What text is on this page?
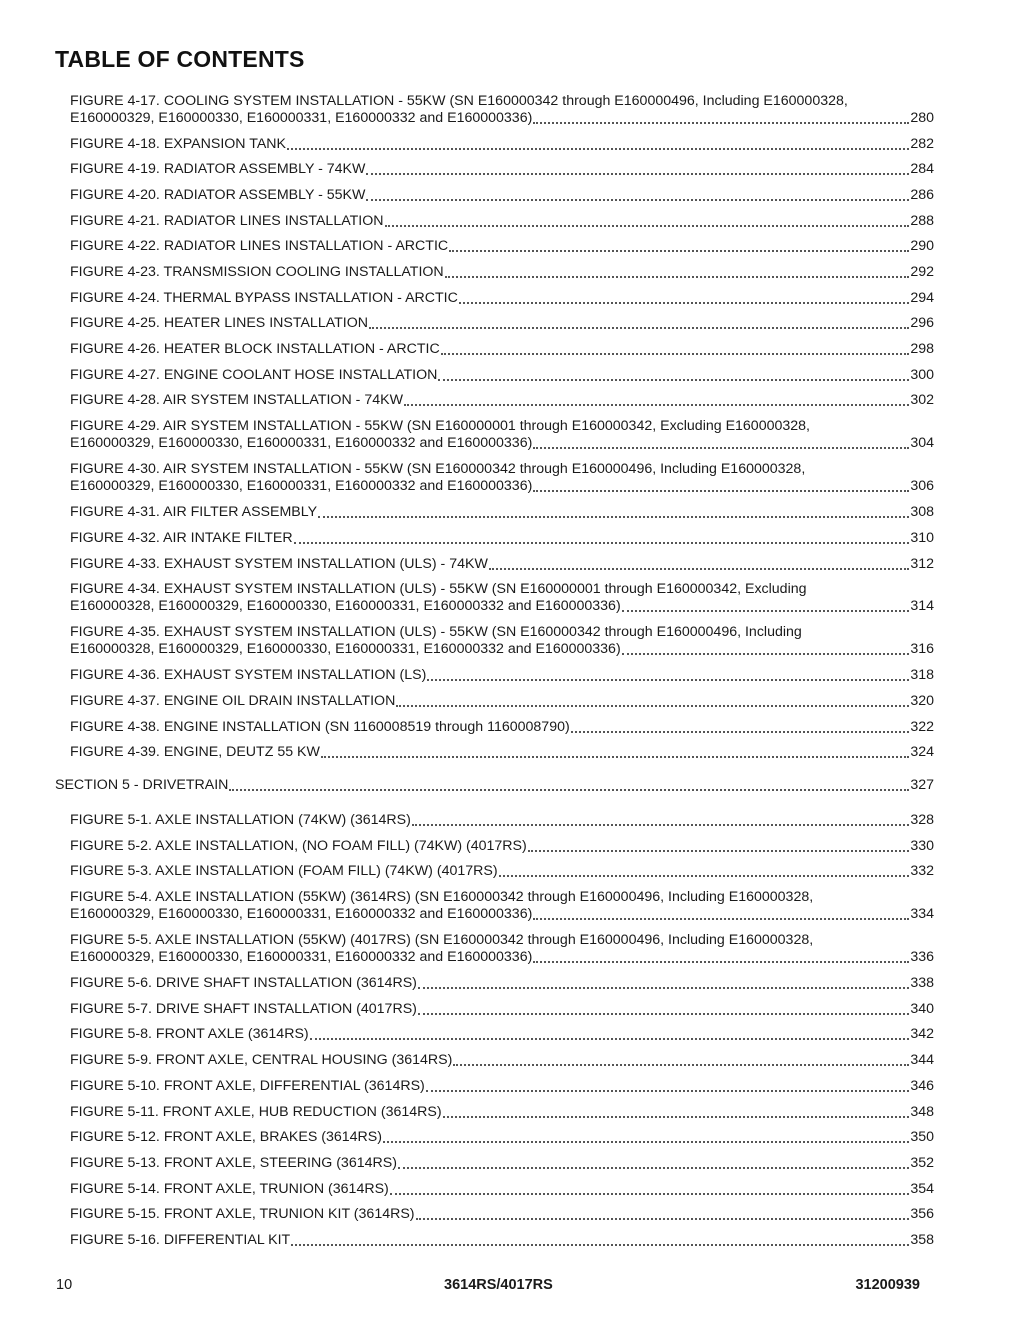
TABLE OF CONTENTS
FIGURE 4-17. COOLING SYSTEM INSTALLATION - 55KW (SN E160000342 through E160000496, Including E160000328,
E160000329, E160000330, E160000331, E160000332 and E160000336)	280
FIGURE 4-18. EXPANSION TANK	282
FIGURE 4-19. RADIATOR ASSEMBLY - 74KW	284
FIGURE 4-20. RADIATOR ASSEMBLY - 55KW	286
FIGURE 4-21. RADIATOR LINES INSTALLATION	288
FIGURE 4-22. RADIATOR LINES INSTALLATION - ARCTIC	290
FIGURE 4-23. TRANSMISSION COOLING INSTALLATION	292
FIGURE 4-24. THERMAL BYPASS INSTALLATION - ARCTIC	294
FIGURE 4-25. HEATER LINES INSTALLATION	296
FIGURE 4-26. HEATER BLOCK INSTALLATION - ARCTIC	298
FIGURE 4-27. ENGINE COOLANT HOSE INSTALLATION	300
FIGURE 4-28. AIR SYSTEM INSTALLATION - 74KW	302
FIGURE 4-29. AIR SYSTEM INSTALLATION - 55KW (SN E160000001 through E160000342, Excluding E160000328,
E160000329, E160000330, E160000331, E160000332 and E160000336)	304
FIGURE 4-30. AIR SYSTEM INSTALLATION - 55KW (SN E160000342 through E160000496, Including E160000328,
E160000329, E160000330, E160000331, E160000332 and E160000336)	306
FIGURE 4-31. AIR FILTER ASSEMBLY	308
FIGURE 4-32. AIR INTAKE FILTER	310
FIGURE 4-33. EXHAUST SYSTEM INSTALLATION (ULS) - 74KW	312
FIGURE 4-34. EXHAUST SYSTEM INSTALLATION (ULS) - 55KW (SN E160000001 through E160000342, Excluding
E160000328, E160000329, E160000330, E160000331, E160000332 and E160000336)	314
FIGURE 4-35. EXHAUST SYSTEM INSTALLATION (ULS) - 55KW (SN E160000342 through E160000496, Including
E160000328, E160000329, E160000330, E160000331, E160000332 and E160000336)	316
FIGURE 4-36. EXHAUST SYSTEM INSTALLATION (LS)	318
FIGURE 4-37. ENGINE OIL DRAIN INSTALLATION	320
FIGURE 4-38. ENGINE INSTALLATION (SN 1160008519 through 1160008790)	322
FIGURE 4-39. ENGINE, DEUTZ 55 KW	324
SECTION 5 - DRIVETRAIN	327
FIGURE 5-1. AXLE INSTALLATION (74KW) (3614RS)	328
FIGURE 5-2. AXLE INSTALLATION, (NO FOAM FILL) (74KW) (4017RS)	330
FIGURE 5-3. AXLE INSTALLATION (FOAM FILL) (74KW) (4017RS)	332
FIGURE 5-4. AXLE INSTALLATION (55KW) (3614RS) (SN E160000342 through E160000496, Including E160000328,
E160000329, E160000330, E160000331, E160000332 and E160000336)	334
FIGURE 5-5. AXLE INSTALLATION (55KW) (4017RS) (SN E160000342 through E160000496, Including E160000328,
E160000329, E160000330, E160000331, E160000332 and E160000336)	336
FIGURE 5-6. DRIVE SHAFT INSTALLATION (3614RS)	338
FIGURE 5-7. DRIVE SHAFT INSTALLATION (4017RS)	340
FIGURE 5-8. FRONT AXLE (3614RS)	342
FIGURE 5-9. FRONT AXLE, CENTRAL HOUSING (3614RS)	344
FIGURE 5-10. FRONT AXLE, DIFFERENTIAL (3614RS)	346
FIGURE 5-11. FRONT AXLE, HUB REDUCTION (3614RS)	348
FIGURE 5-12. FRONT AXLE, BRAKES (3614RS)	350
FIGURE 5-13. FRONT AXLE, STEERING (3614RS)	352
FIGURE 5-14. FRONT AXLE, TRUNION (3614RS)	354
FIGURE 5-15. FRONT AXLE, TRUNION KIT (3614RS)	356
FIGURE 5-16. DIFFERENTIAL KIT	358
10	3614RS/4017RS	31200939
